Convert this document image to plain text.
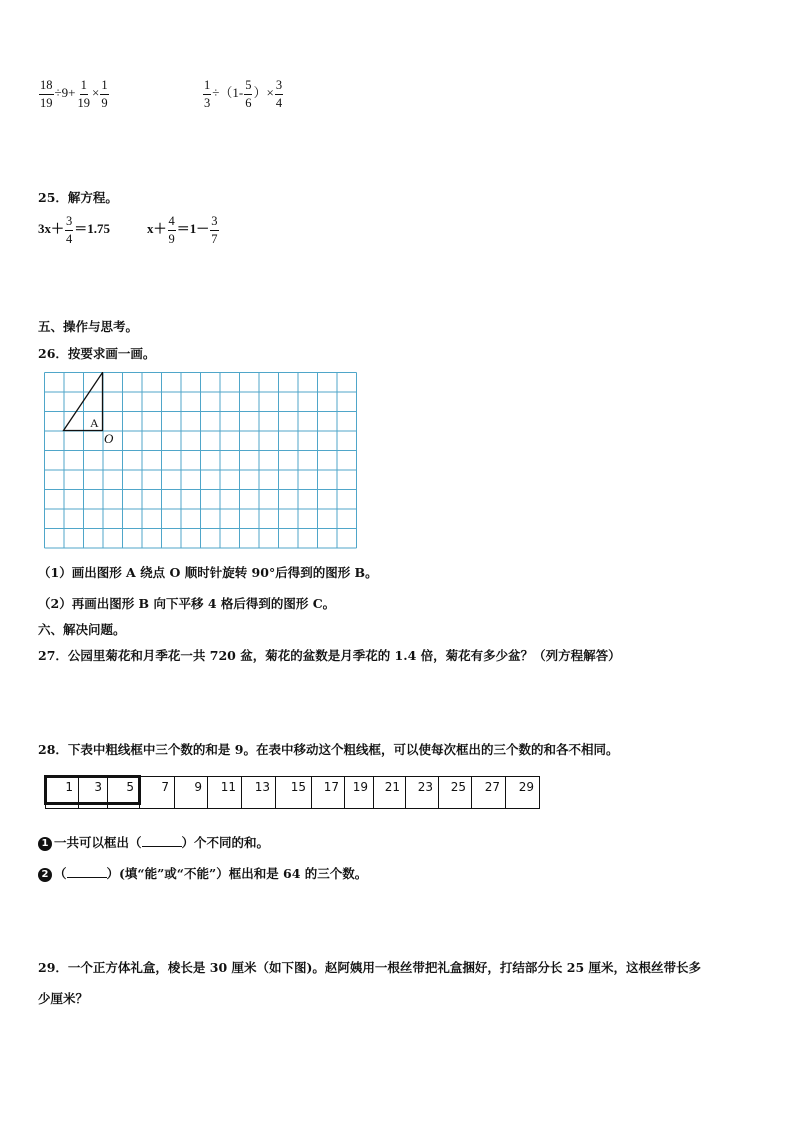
$\frac{18}{19} \div 9+ \frac{1}{19} \times \frac{1}{9}$	$\frac{1}{3} \div(1- \frac{5}{6}$ ）× $\frac{3}{4}$
25．解方程。
$3x+ \frac{3}{4} =1.75$	$x+ \frac{4}{9} =1- \frac{3}{7}$
五、操作与思考。
26．按要求画一画。
A
O
（1）画出图形 A 绕点 O 顺时针旋转 90°后得到的图形 B。
（2）再画出图形 B 向下平移 4 格后得到的图形 C。
六、解决问题。
27．公园里菊花和月季花一共 720 盆，菊花的盆数是月季花的 1.4 倍，菊花有多少盆？（列方程解答）
28．下表中粗线框中三个数的和是 9。在表中移动这个粗线框，可以使每次框出的三个数的和各不相同。
1	3	5	7	9	11	13	15	17	19	21	23	25	27	29
1 一共可以框出（	）个不同的和。
2 （	）(填“能”或“不能”）框出和是 64 的三个数。
29．一个正方体礼盒，棱长是 30 厘米（如下图)。赵阿姨用一根丝带把礼盒捆好，打结部分长 25 厘米，这根丝带长多
少厘米？
